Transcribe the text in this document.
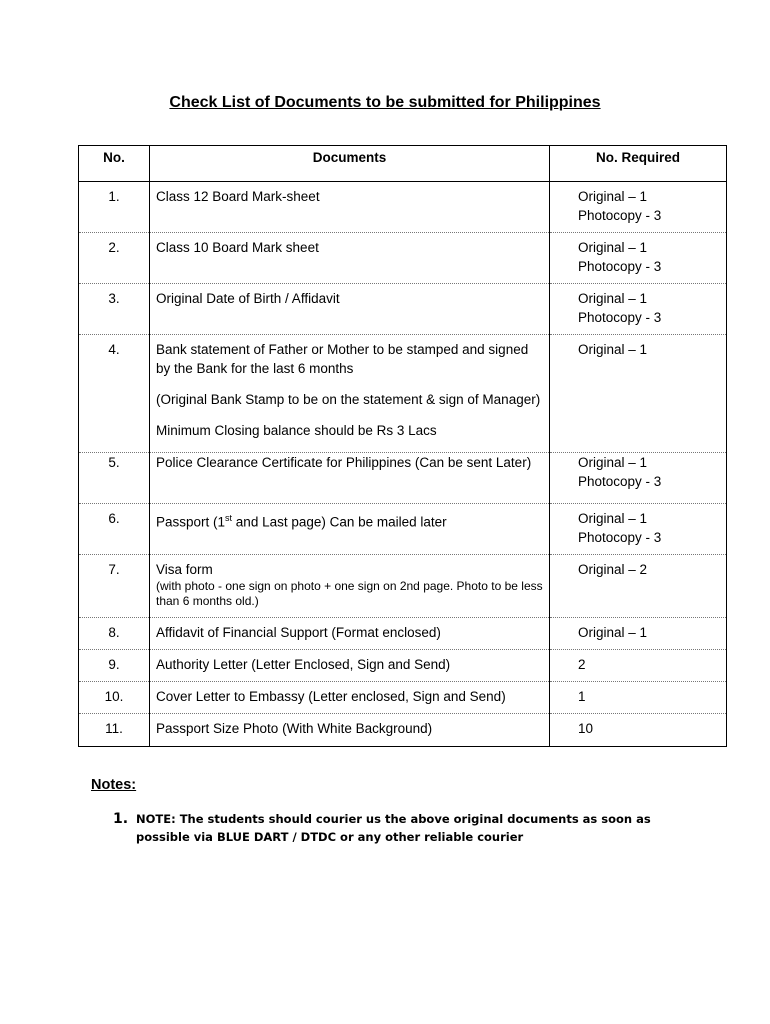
Check List of Documents to be submitted for Philippines
No.	Documents	No. Required
1.	Class 12 Board Mark-sheet	Original – 1
Photocopy - 3

2.	Class 10 Board Mark sheet	Original – 1
Photocopy - 3

3.	Original Date of Birth / Affidavit	Original – 1
Photocopy - 3

4.	Bank statement of Father or Mother to be stamped and signed by the Bank for the last 6 months
(Original Bank Stamp to be on the statement & sign of Manager)
Minimum Closing balance should be Rs 3 Lacs	Original – 1

5.	Police Clearance Certificate for Philippines (Can be sent Later)	Original – 1
Photocopy - 3

6.	Passport (1st and Last page) Can be mailed later	Original – 1
Photocopy - 3

7.	Visa form
(with photo - one sign on photo + one sign on 2nd page. Photo to be less than 6 months old.)	Original – 2

8.	Affidavit of Financial Support (Format enclosed)	Original – 1
9.	Authority Letter (Letter Enclosed, Sign and Send)	2
10.	Cover Letter to Embassy (Letter enclosed, Sign and Send)	1
11.	Passport Size Photo (With White Background)	10
Notes:
1. NOTE: The students should courier us the above original documents as soon as possible via BLUE DART / DTDC or any other reliable courier
